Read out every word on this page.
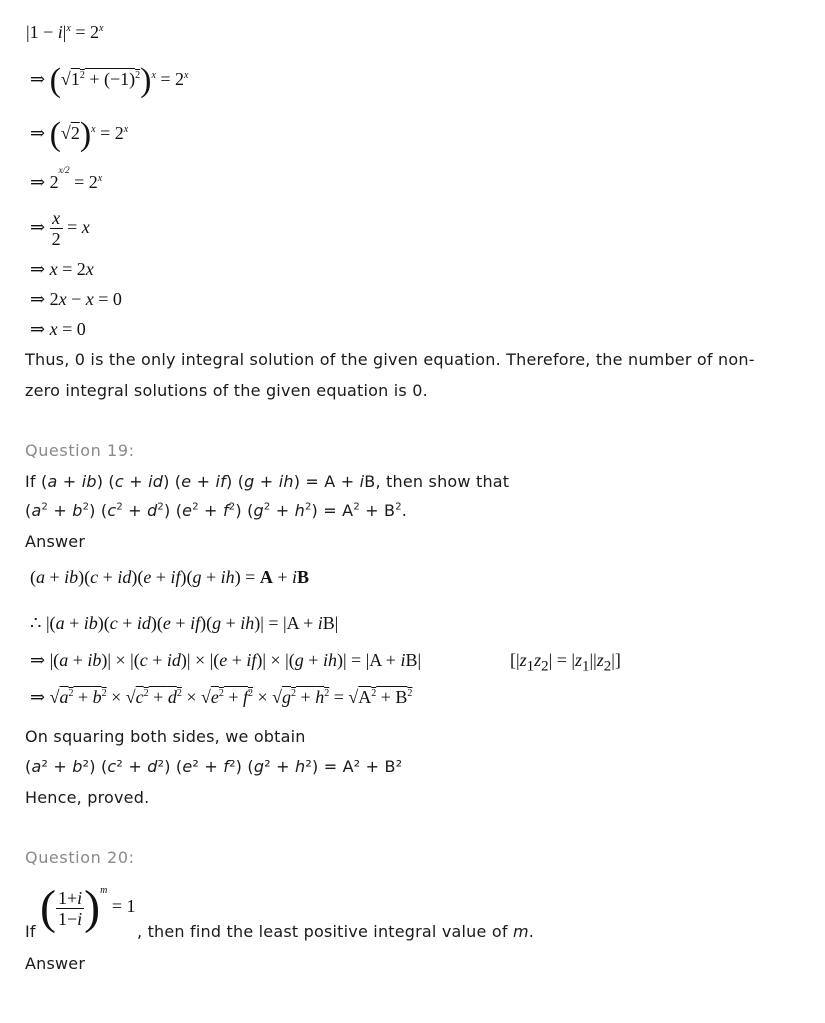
$|1 - i|^x = 2^x$
⇒ $(√1^2 + (-1)^2)^x = 2^x$
⇒ $(√2)^x = 2^x$
⇒ $2^{x/2} = 2^x$
⇒ $\frac{x}{2} = x$
⇒ x = 2x
⇒ 2x − x = 0
⇒ x = 0
Thus, 0 is the only integral solution of the given equation. Therefore, the number of non-
zero integral solutions of the given equation is 0.
Question 19:
If (a + ib) (c + id) (e + if) (g + ih) = A + iB, then show that
$(a^2 + b^2) (c^2 + d^2) (e^2 + f^2) (g^2 + h^2) = A^2 + B^2$.
Answer
(a + ib)(c + id)(e + if)(g + ih) = A + iB
∴ |(a + ib)(c + id)(e + if)(g + ih)| = |A + iB|
⇒ |(a + ib)| × |(c + id)| × |(e + if)| × |(g + ih)| = |A + iB|	$[|z_1z_2| = |z_1||z_2|]$
⇒ $√a^2 + b^2 \times √c^2 + d^2 \times √e^2 + f^2 \times √g^2 + h^2 = √A^2 + B^2$
On squaring both sides, we obtain
(a² + b²) (c² + d²) (e² + f²) (g² + h²) = A² + B²
Hence, proved.
Question 20:
If ( $\frac{1+i}{1-i} )^m = 1$
, then find the least positive integral value of m.
Answer
